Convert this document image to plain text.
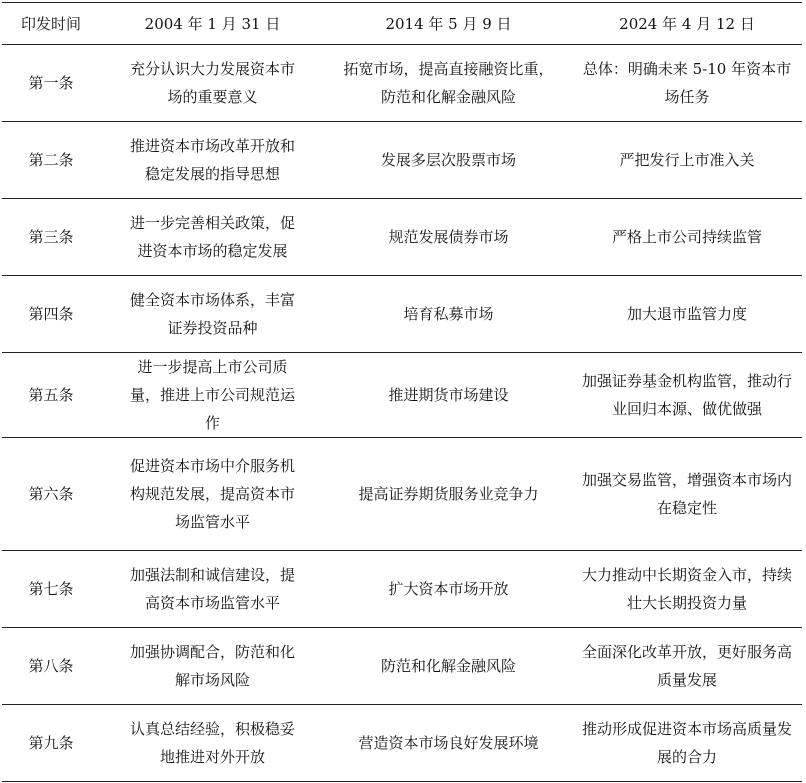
印发时间	2004 年 1 月 31 日	2014 年 5 月 9 日	2024 年 4 月 12 日
第一条	充分认识大力发展资本市场的重要意义	拓宽市场，提高直接融资比重，防范和化解金融风险	总体：明确未来 5-10 年资本市场任务
第二条	推进资本市场改革开放和稳定发展的指导思想	发展多层次股票市场	严把发行上市准入关
第三条	进一步完善相关政策，促进资本市场的稳定发展	规范发展债券市场	严格上市公司持续监管
第四条	健全资本市场体系，丰富证券投资品种	培育私募市场	加大退市监管力度
第五条	进一步提高上市公司质量，推进上市公司规范运作	推进期货市场建设	加强证券基金机构监管，推动行业回归本源、做优做强
第六条	促进资本市场中介服务机构规范发展，提高资本市场监管水平	提高证券期货服务业竞争力	加强交易监管，增强资本市场内在稳定性
第七条	加强法制和诚信建设，提高资本市场监管水平	扩大资本市场开放	大力推动中长期资金入市，持续壮大长期投资力量
第八条	加强协调配合，防范和化解市场风险	防范和化解金融风险	全面深化改革开放，更好服务高质量发展
第九条	认真总结经验，积极稳妥地推进对外开放	营造资本市场良好发展环境	推动形成促进资本市场高质量发展的合力
